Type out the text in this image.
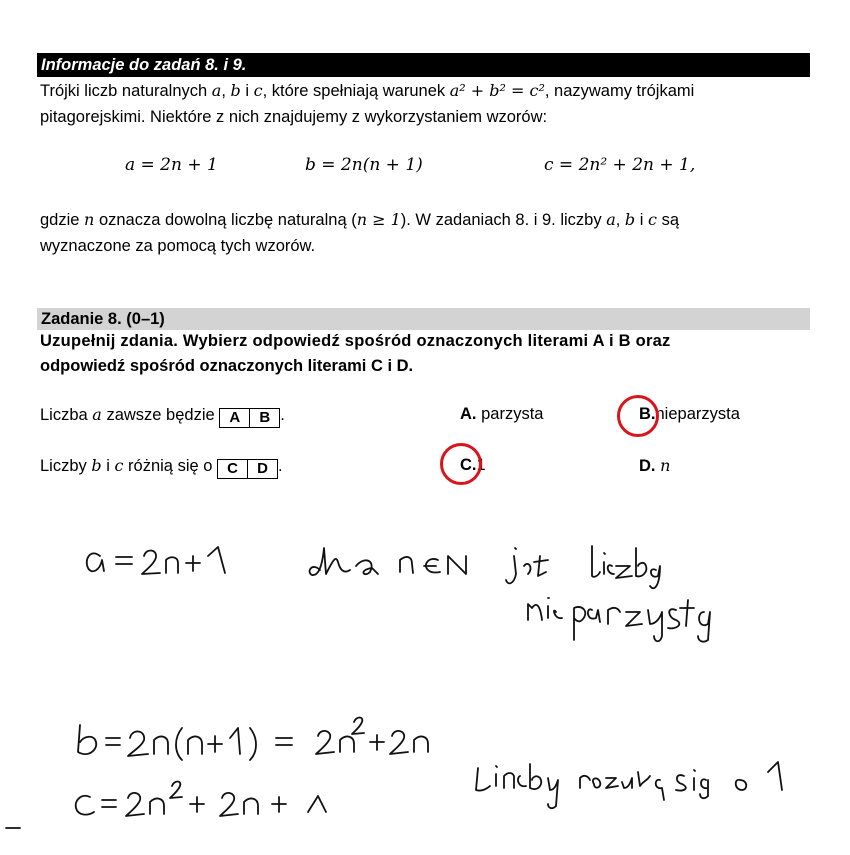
Informacje do zadań 8. i 9.
Trójki liczb naturalnych a, b i c, które spełniają warunek a² + b² = c², nazywamy trójkami
pitagorejskimi. Niektóre z nich znajdujemy z wykorzystaniem wzorów:
a = 2n + 1	b = 2n(n + 1)	c = 2n² + 2n + 1,
gdzie n oznacza dowolną liczbę naturalną (n ≥ 1). W zadaniach 8. i 9. liczby a, b i c są
wyznaczone za pomocą tych wzorów.
Zadanie 8. (0–1)
Uzupełnij zdania. Wybierz odpowiedź spośród oznaczonych literami A i B oraz
odpowiedź spośród oznaczonych literami C i D.
Liczba a zawsze będzie A	B .	A. parzysta	B.nieparzysta
Liczby b i c różnią się o C	D .	C.1	D. n
